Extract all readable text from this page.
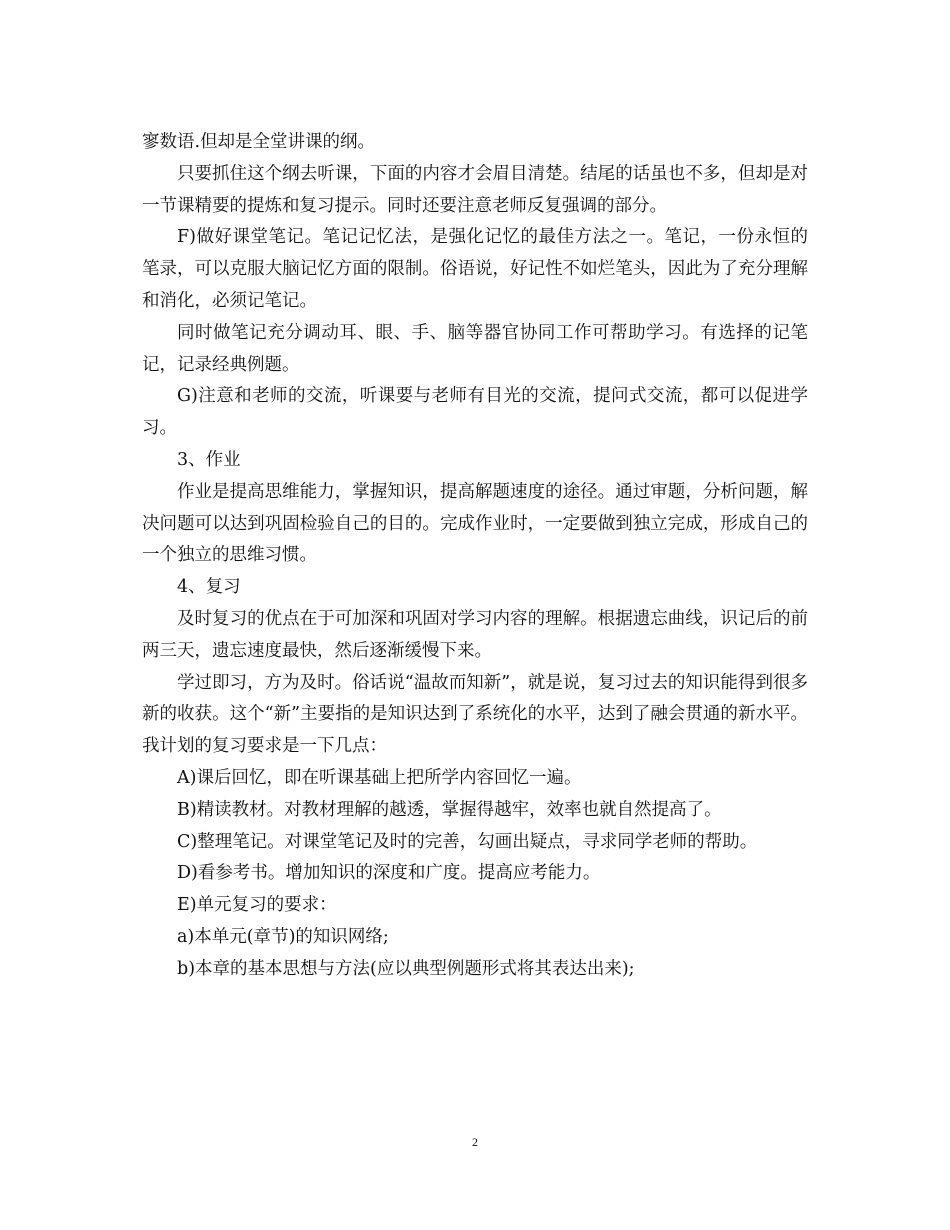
寥数语.但却是全堂讲课的纲。

只要抓住这个纲去听课，下面的内容才会眉目清楚。结尾的话虽也不多，但却是对一节课精要的提炼和复习提示。同时还要注意老师反复强调的部分。

F)做好课堂笔记。笔记记忆法，是强化记忆的最佳方法之一。笔记，一份永恒的笔录，可以克服大脑记忆方面的限制。俗语说，好记性不如烂笔头，因此为了充分理解和消化，必须记笔记。

同时做笔记充分调动耳、眼、手、脑等器官协同工作可帮助学习。有选择的记笔记，记录经典例题。

G)注意和老师的交流，听课要与老师有目光的交流，提问式交流，都可以促进学习。

3、作业

作业是提高思维能力，掌握知识，提高解题速度的途径。通过审题，分析问题，解决问题可以达到巩固检验自己的目的。完成作业时，一定要做到独立完成，形成自己的一个独立的思维习惯。

4、复习

及时复习的优点在于可加深和巩固对学习内容的理解。根据遗忘曲线，识记后的前两三天，遗忘速度最快，然后逐渐缓慢下来。

学过即习，方为及时。俗话说“温故而知新”，就是说，复习过去的知识能得到很多新的收获。这个“新”主要指的是知识达到了系统化的水平，达到了融会贯通的新水平。我计划的复习要求是一下几点：

A)课后回忆，即在听课基础上把所学内容回忆一遍。

B)精读教材。对教材理解的越透，掌握得越牢，效率也就自然提高了。

C)整理笔记。对课堂笔记及时的完善，勾画出疑点，寻求同学老师的帮助。

D)看参考书。增加知识的深度和广度。提高应考能力。

E)单元复习的要求：

a)本单元(章节)的知识网络;

b)本章的基本思想与方法(应以典型例题形式将其表达出来);

2
